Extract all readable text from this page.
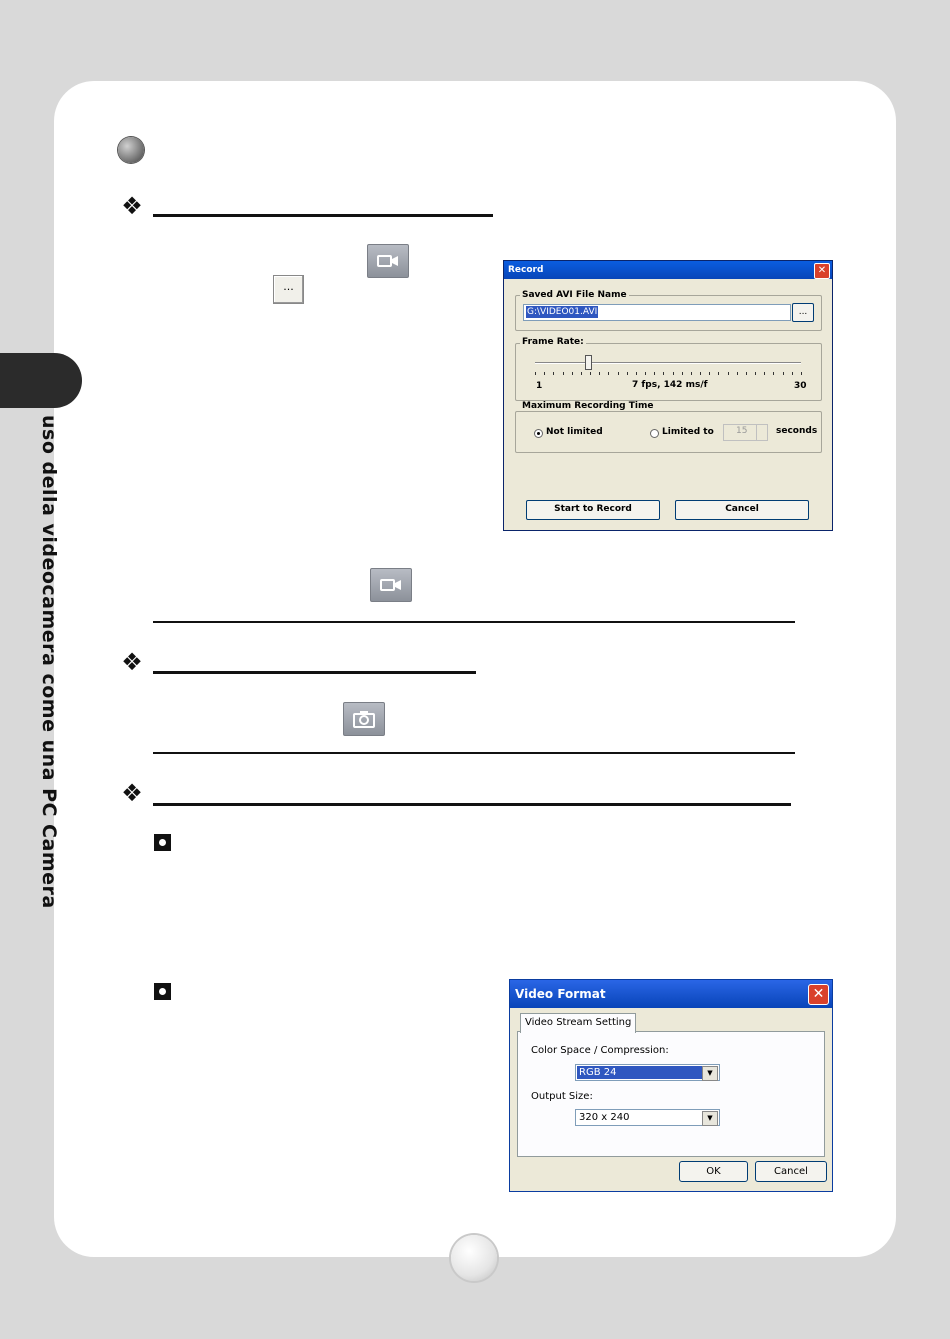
uso della videocamera come una PC Camera
❖
...
Record	✕
Saved AVI File Name
G:\VIDEO01.AVI	...
Frame Rate:
1	7 fps, 142 ms/f	30
Maximum Recording Time
Not limited	Limited to 15	seconds
Start to Record	Cancel
❖
❖
Video Format	✕
Video Stream Setting
Color Space / Compression:
RGB 24	▼
Output Size:
320 x 240	▼
OK	Cancel
